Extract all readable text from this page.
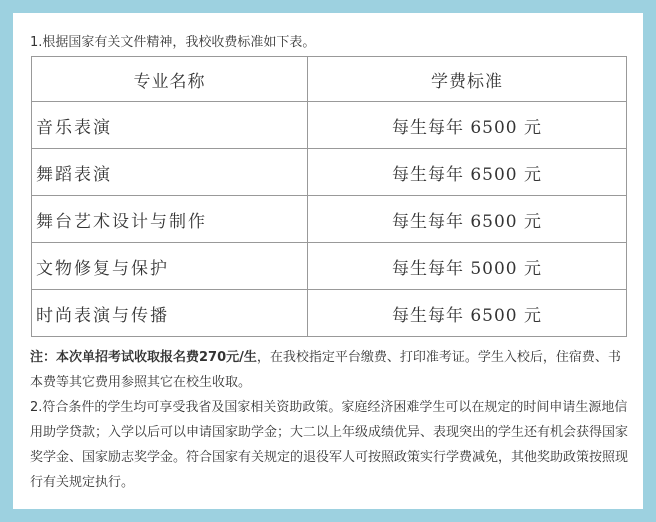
1.根据国家有关文件精神，我校收费标准如下表。
专业名称	学费标准
音乐表演	每生每年 6500 元
舞蹈表演	每生每年 6500 元
舞台艺术设计与制作	每生每年 6500 元
文物修复与保护	每生每年 5000 元
时尚表演与传播	每生每年 6500 元
注：本次单招考试收取报名费270元/生，在我校指定平台缴费、打印准考证。学生入校后，住宿费、书本费等其它费用参照其它在校生收取。
2.符合条件的学生均可享受我省及国家相关资助政策。家庭经济困难学生可以在规定的时间申请生源地信用助学贷款；入学以后可以申请国家助学金；大二以上年级成绩优异、表现突出的学生还有机会获得国家奖学金、国家励志奖学金。符合国家有关规定的退役军人可按照政策实行学费减免，其他奖助政策按照现行有关规定执行。
